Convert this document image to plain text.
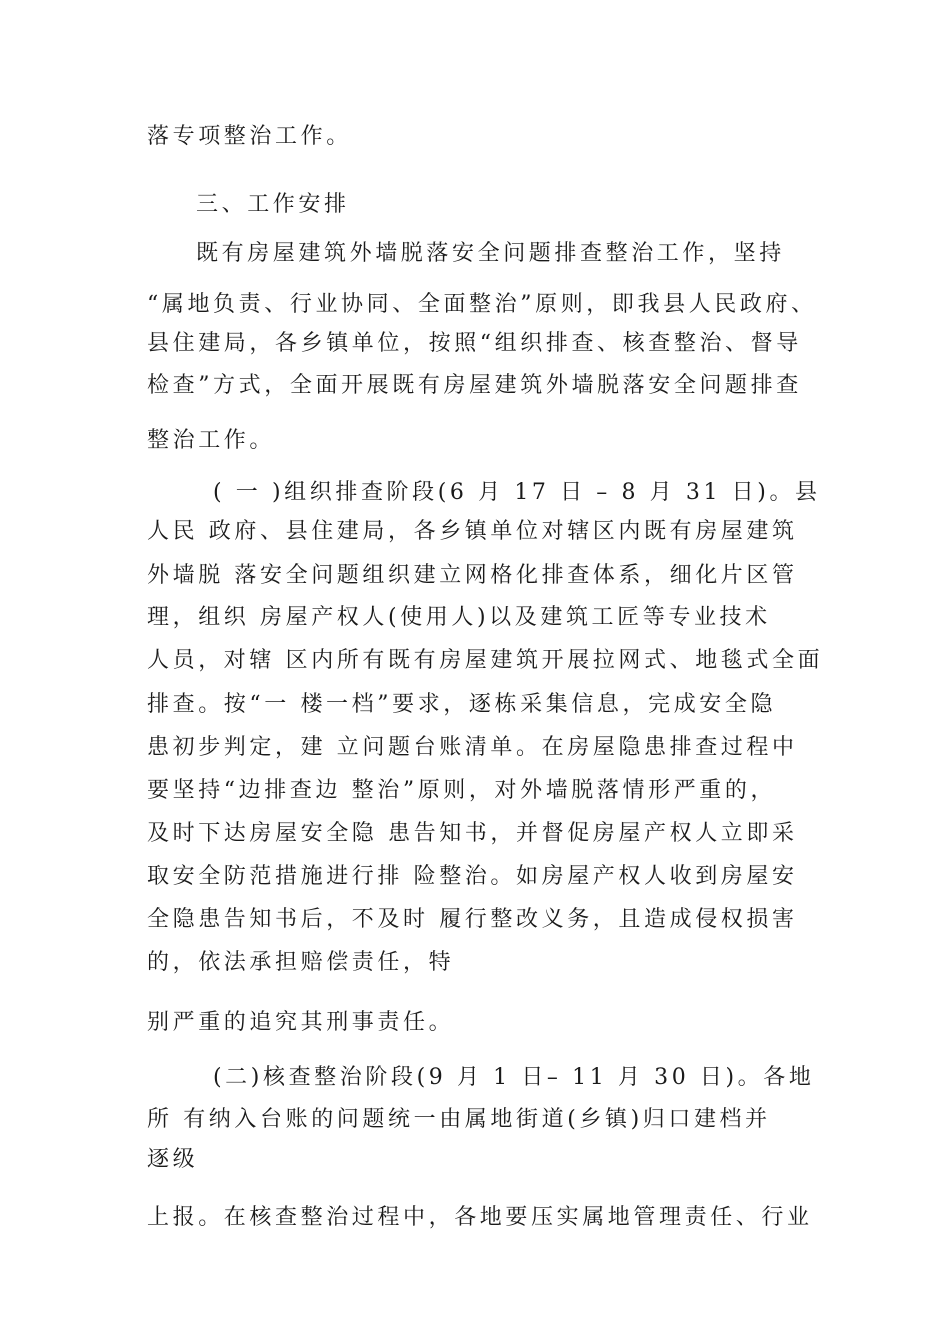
落专项整治工作。
三、工作安排
既有房屋建筑外墙脱落安全问题排查整治工作，坚持
“属地负责、行业协同、全面整治”原则，即我县人民政府、
县住建局，各乡镇单位，按照“组织排查、核查整治、督导
检查”方式，全面开展既有房屋建筑外墙脱落安全问题排查
整治工作。
( 一 )组织排查阶段(6 月 17 日 – 8 月 31 日)。县
人民 政府、县住建局，各乡镇单位对辖区内既有房屋建筑
外墙脱 落安全问题组织建立网格化排查体系，细化片区管
理，组织 房屋产权人(使用人)以及建筑工匠等专业技术
人员，对辖 区内所有既有房屋建筑开展拉网式、地毯式全面
排查。按“一 楼一档”要求，逐栋采集信息，完成安全隐
患初步判定，建 立问题台账清单。在房屋隐患排查过程中
要坚持“边排查边 整治”原则，对外墙脱落情形严重的，
及时下达房屋安全隐 患告知书，并督促房屋产权人立即采
取安全防范措施进行排 险整治。如房屋产权人收到房屋安
全隐患告知书后，不及时 履行整改义务，且造成侵权损害
的，依法承担赔偿责任，特
别严重的追究其刑事责任。
(二)核查整治阶段(9 月 1 日– 11 月 30 日)。各地
所 有纳入台账的问题统一由属地街道(乡镇)归口建档并
逐级
上报。在核查整治过程中，各地要压实属地管理责任、行业
